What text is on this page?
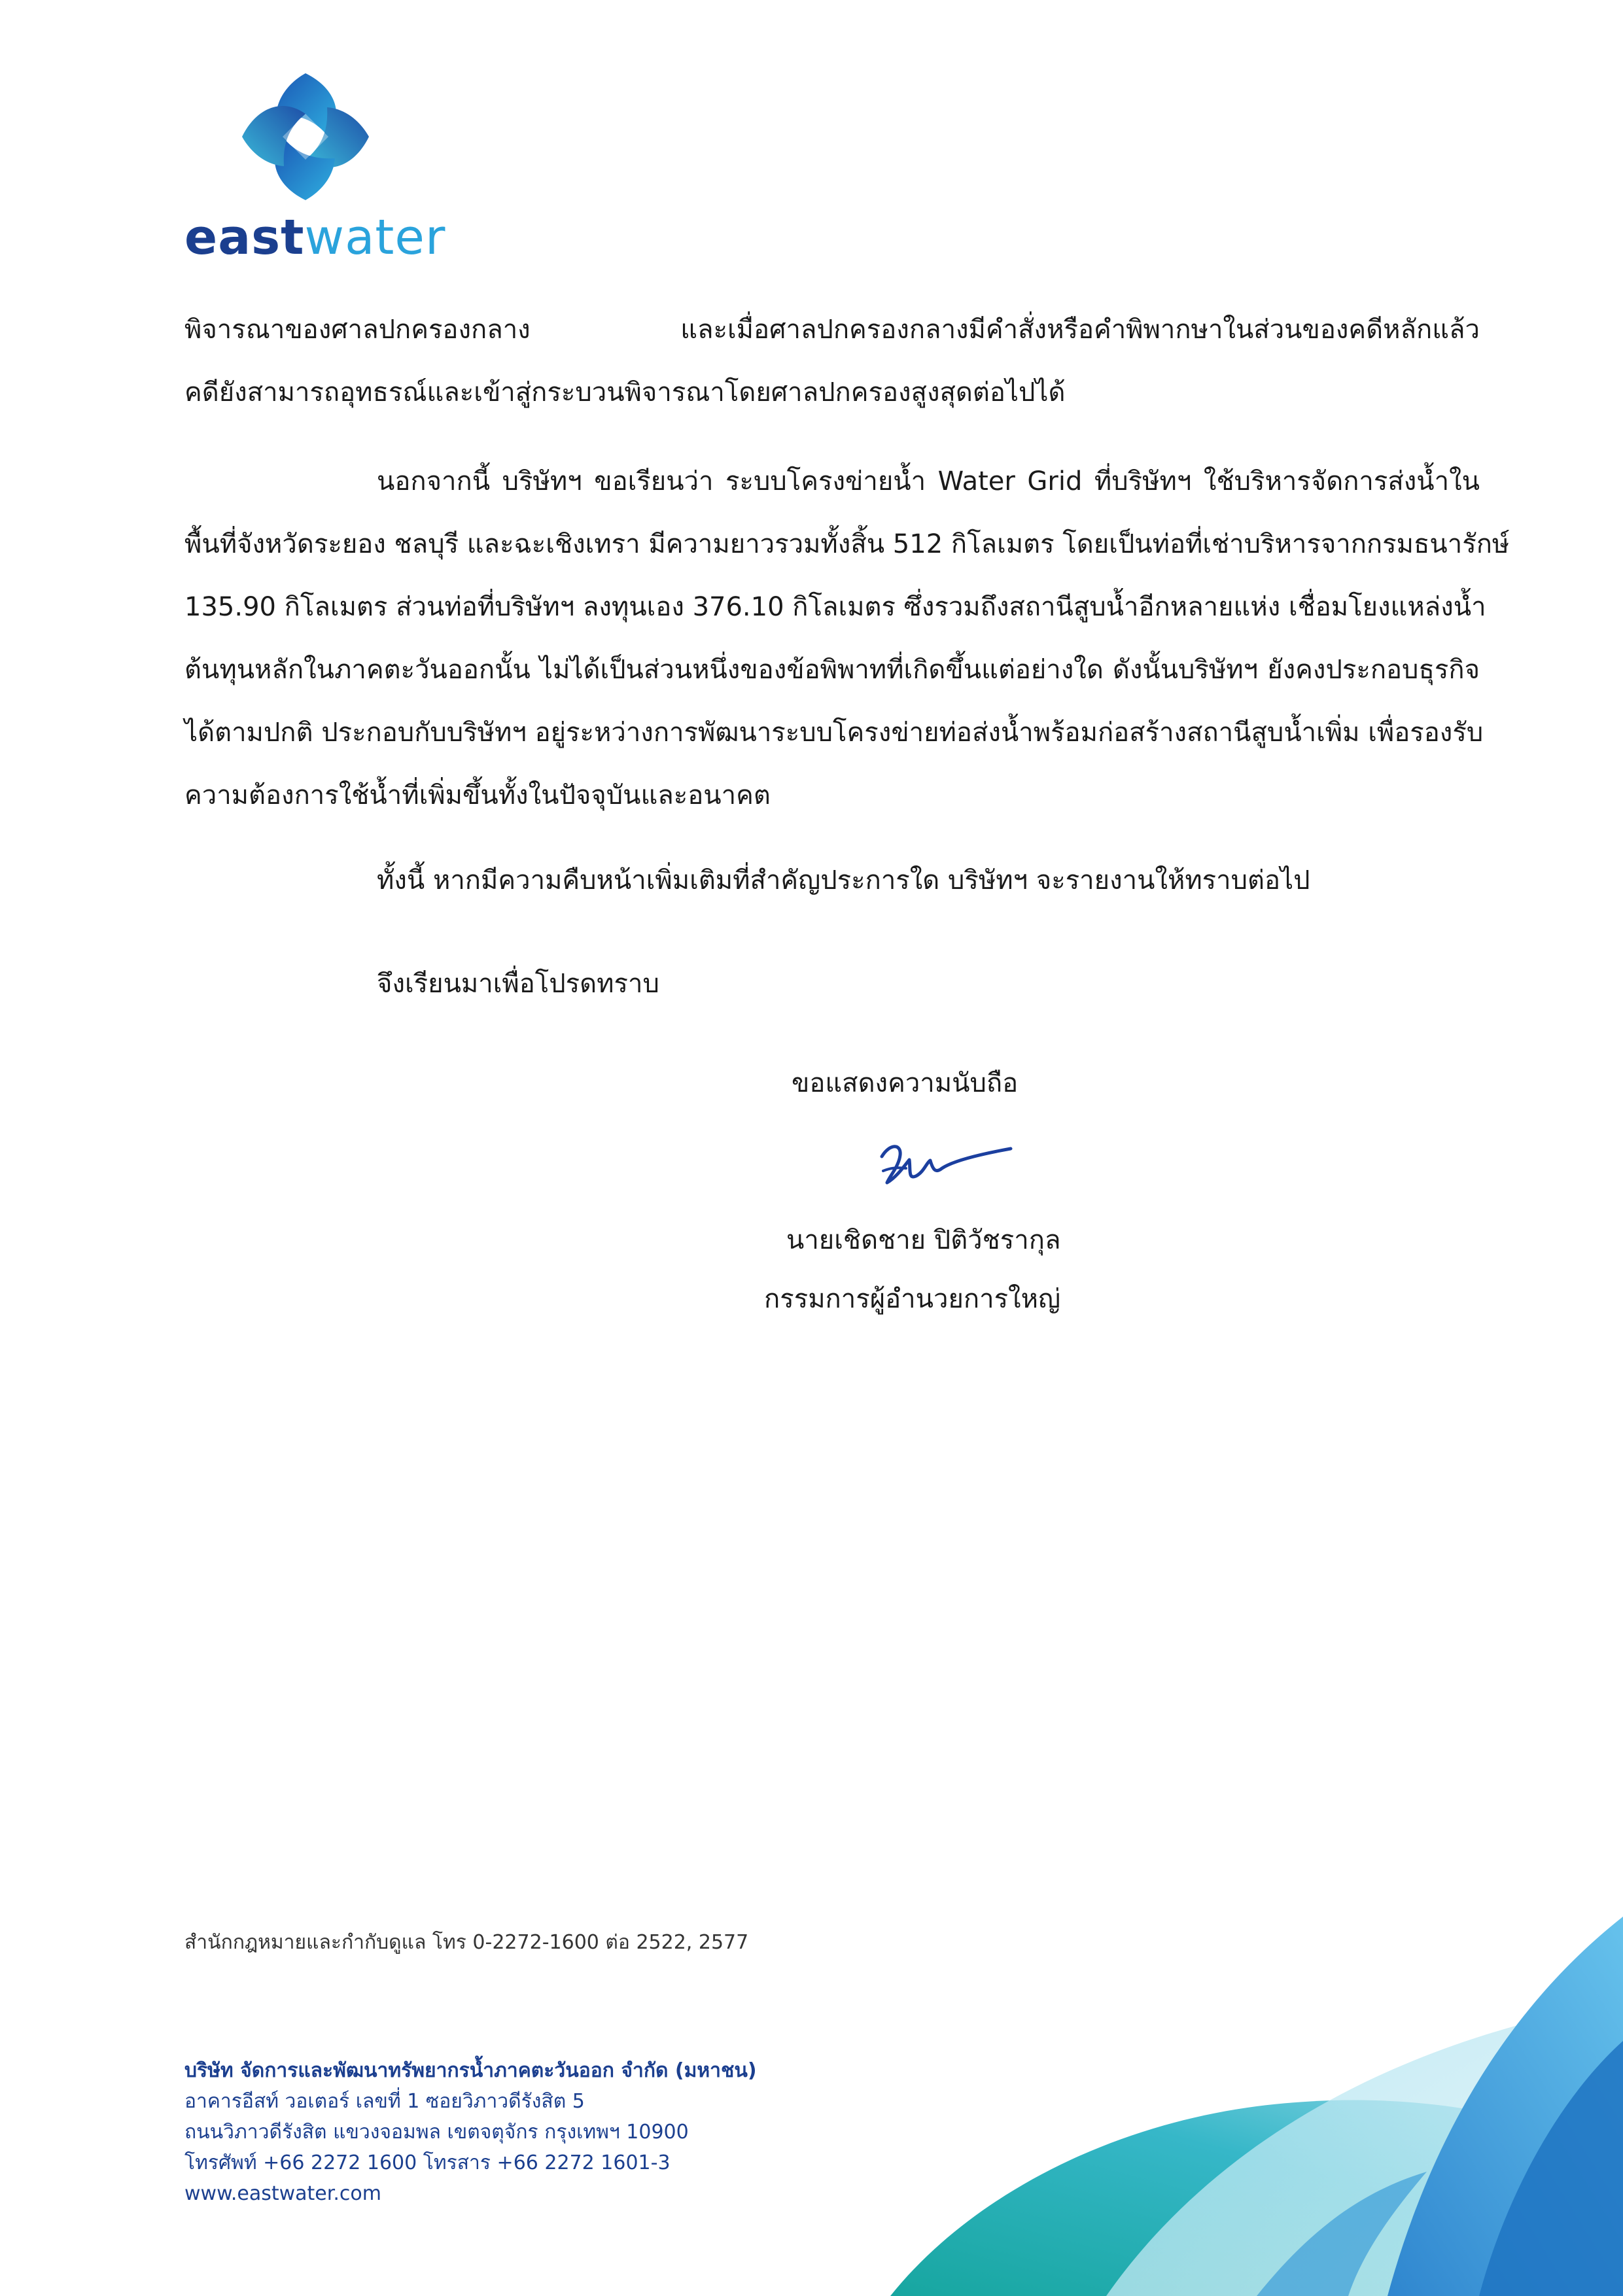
eastwater
พิจารณาของศาลปกครองกลาง และเมื่อศาลปกครองกลางมีคำสั่งหรือคำพิพากษาในส่วนของคดีหลักแล้ว
คดียังสามารถอุทธรณ์และเข้าสู่กระบวนพิจารณาโดยศาลปกครองสูงสุดต่อไปได้
นอกจากนี้ บริษัทฯ ขอเรียนว่า ระบบโครงข่ายน้ำ Water Grid ที่บริษัทฯ ใช้บริหารจัดการส่งน้ำใน
พื้นที่จังหวัดระยอง ชลบุรี และฉะเชิงเทรา มีความยาวรวมทั้งสิ้น 512 กิโลเมตร โดยเป็นท่อที่เช่าบริหารจากกรมธนารักษ์
135.90 กิโลเมตร ส่วนท่อที่บริษัทฯ ลงทุนเอง 376.10 กิโลเมตร ซึ่งรวมถึงสถานีสูบน้ำอีกหลายแห่ง เชื่อมโยงแหล่งน้ำ
ต้นทุนหลักในภาคตะวันออกนั้น ไม่ได้เป็นส่วนหนึ่งของข้อพิพาทที่เกิดขึ้นแต่อย่างใด ดังนั้นบริษัทฯ ยังคงประกอบธุรกิจ
ได้ตามปกติ ประกอบกับบริษัทฯ อยู่ระหว่างการพัฒนาระบบโครงข่ายท่อส่งน้ำพร้อมก่อสร้างสถานีสูบน้ำเพิ่ม เพื่อรองรับ
ความต้องการใช้น้ำที่เพิ่มขึ้นทั้งในปัจจุบันและอนาคต
ทั้งนี้ หากมีความคืบหน้าเพิ่มเติมที่สำคัญประการใด บริษัทฯ จะรายงานให้ทราบต่อไป
จึงเรียนมาเพื่อโปรดทราบ
ขอแสดงความนับถือ
นายเชิดชาย ปิติวัชรากุล
กรรมการผู้อำนวยการใหญ่
สำนักกฎหมายและกำกับดูแล โทร 0-2272-1600 ต่อ 2522, 2577
บริษัท จัดการและพัฒนาทรัพยากรน้ำภาคตะวันออก จำกัด (มหาชน)
อาคารอีสท์ วอเตอร์ เลขที่ 1 ซอยวิภาวดีรังสิต 5
ถนนวิภาวดีรังสิต แขวงจอมพล เขตจตุจักร กรุงเทพฯ 10900
โทรศัพท์ +66 2272 1600 โทรสาร +66 2272 1601-3
www.eastwater.com
